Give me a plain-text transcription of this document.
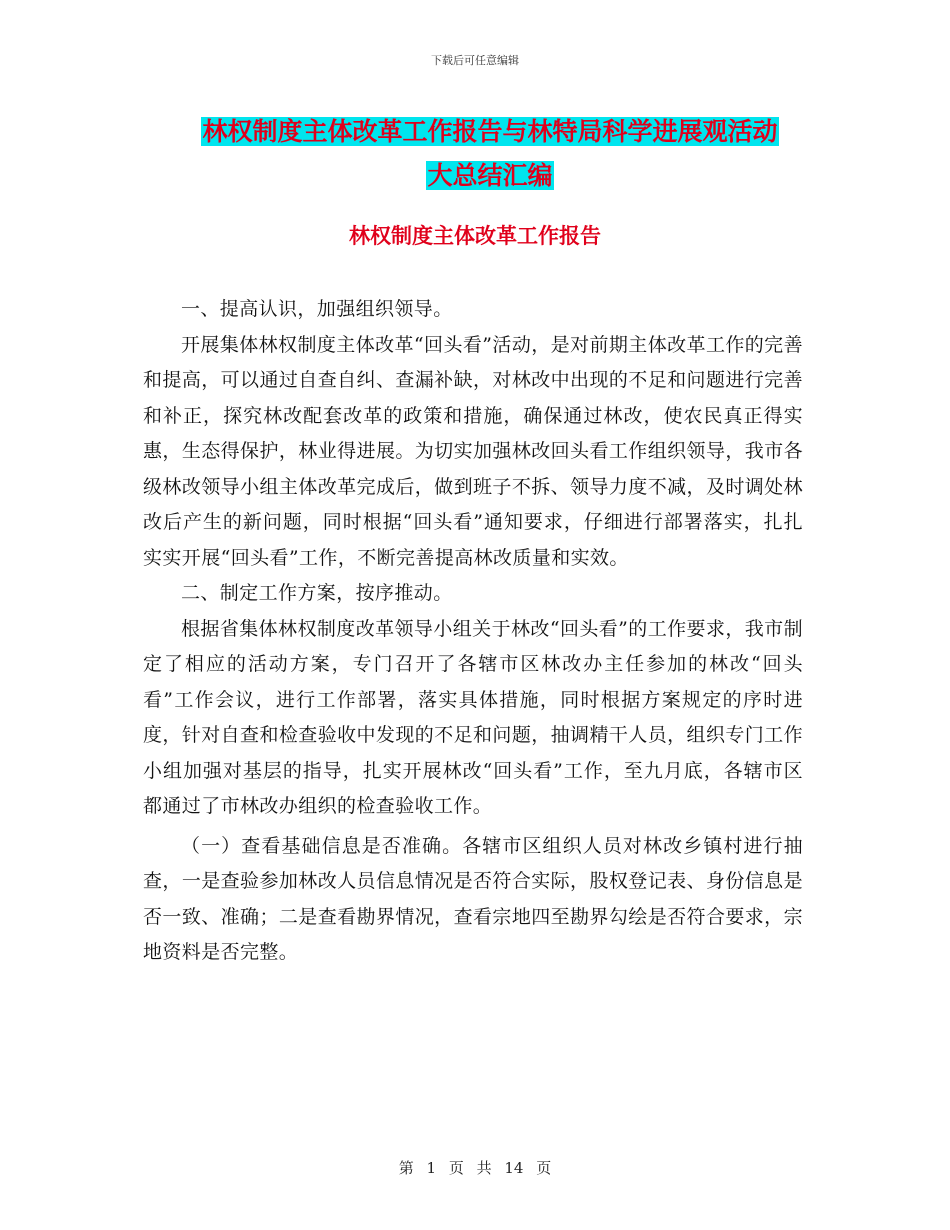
下载后可任意编辑
林权制度主体改革工作报告与林特局科学进展观活动
大总结汇编
林权制度主体改革工作报告

一、提高认识，加强组织领导。

开展集体林权制度主体改革“回头看”活动，是对前期主体改革工作的完善和提高，可以通过自查自纠、查漏补缺，对林改中出现的不足和问题进行完善和补正，探究林改配套改革的政策和措施，确保通过林改，使农民真正得实惠，生态得保护，林业得进展。为切实加强林改回头看工作组织领导，我市各级林改领导小组主体改革完成后，做到班子不拆、领导力度不减，及时调处林改后产生的新问题，同时根据“回头看”通知要求，仔细进行部署落实，扎扎实实开展“回头看”工作，不断完善提高林改质量和实效。

二、制定工作方案，按序推动。

根据省集体林权制度改革领导小组关于林改“回头看”的工作要求，我市制定了相应的活动方案，专门召开了各辖市区林改办主任参加的林改“回头看”工作会议，进行工作部署，落实具体措施，同时根据方案规定的序时进度，针对自查和检查验收中发现的不足和问题，抽调精干人员，组织专门工作小组加强对基层的指导，扎实开展林改“回头看”工作，至九月底，各辖市区都通过了市林改办组织的检查验收工作。

（一）查看基础信息是否准确。各辖市区组织人员对林改乡镇村进行抽查，一是查验参加林改人员信息情况是否符合实际，股权登记表、身份信息是否一致、准确；二是查看勘界情况，查看宗地四至勘界勾绘是否符合要求，宗地资料是否完整。

第 1 页 共 14 页
